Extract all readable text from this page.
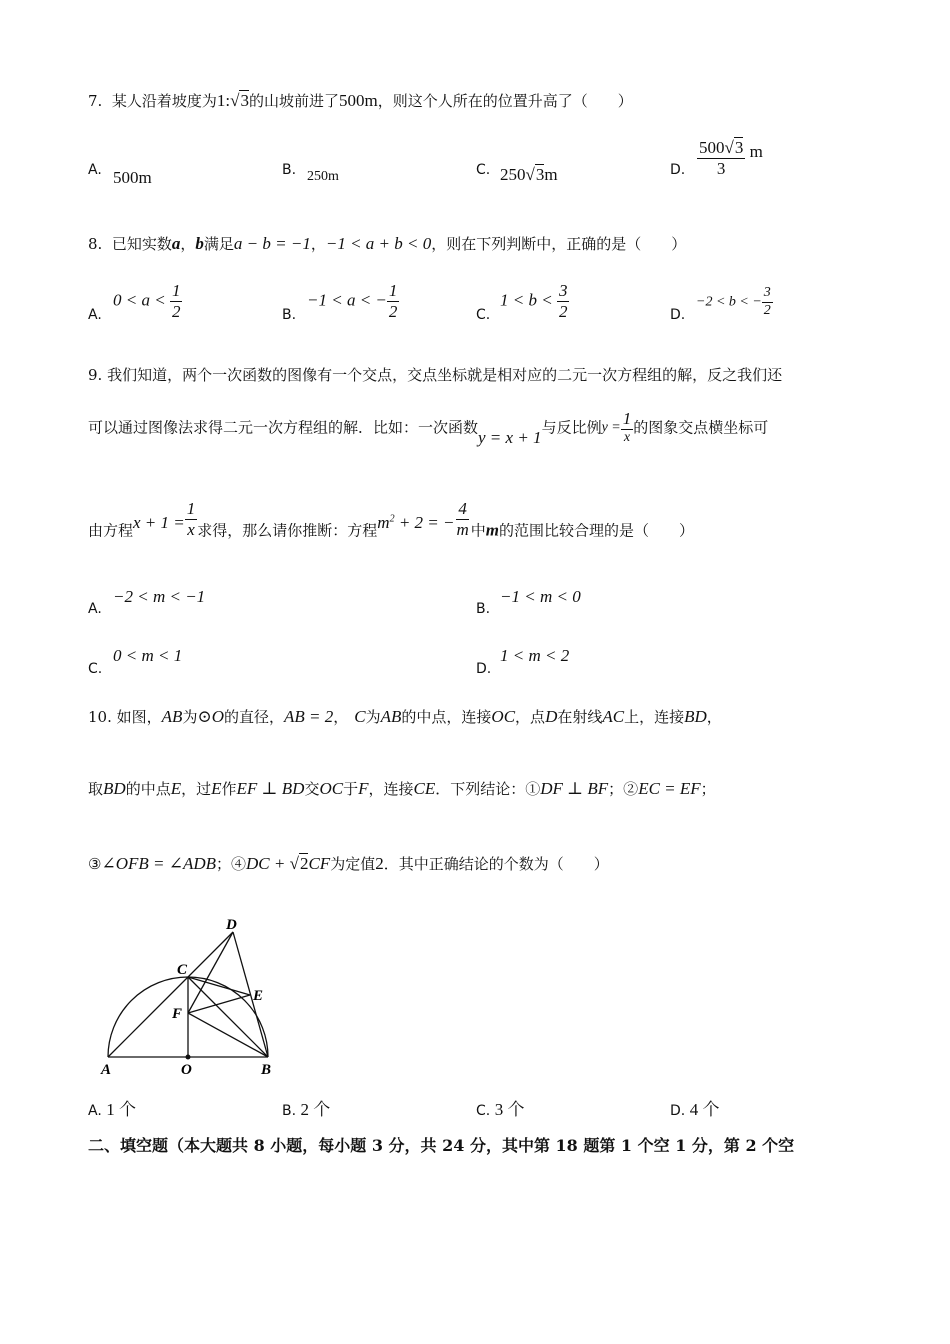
7. 某人沿着坡度为1:√3的山坡前进了500m，则这个人所在的位置升高了（　　）
A. 500m	B. 250m	C. 250√3m	D. $\frac{500√3}{3}$ m
8. 已知实数a，b满足a − b = −1，−1 < a + b < 0，则在下列判断中，正确的是（　　）
A.
$0 < a < \frac{1}{2}$	B.
−1 < a < − $\frac{1}{2}$	C.
$1 < b < \frac{3}{2}$	D.
−2 < b < − $\frac{3}{2}$
9. 我们知道，两个一次函数的图像有一个交点，交点坐标就是相对应的二元一次方程组的解，反之我们还
可以通过图像法求得二元一次方程组的解．比如：一次函数y = x + 1与反比例$y = \frac{1}{x}$ 的图象交点横坐标可
由方程$x + 1 = \frac{1}{x}$ 求得，那么请你推断：方程$m^2 + 2$ = − $\frac{4}{m}$ 中m的范围比较合理的是（　　）
A.
−2 < m < −1
B.
−1 < m < 0
C.
0 < m < 1
D.
1 < m < 2
10. 如图，AB为⊙O的直径，AB = 2， C为AB的中点，连接OC，点D在射线AC上，连接BD，
取BD的中点E，过E作EF ⊥ BD交OC于F，连接CE．下列结论：①DF ⊥ BF；②EC = EF；
③∠OFB = ∠ADB；④DC + √2CF为定值2．其中正确结论的个数为（　　）
A	O	B
C
D
E
F
A. 1 个	B. 2 个	C. 3 个	D. 4 个
二、填空题（本大题共 8 小题，每小题 3 分，共 24 分，其中第 18 题第 1 个空 1 分，第 2 个空
